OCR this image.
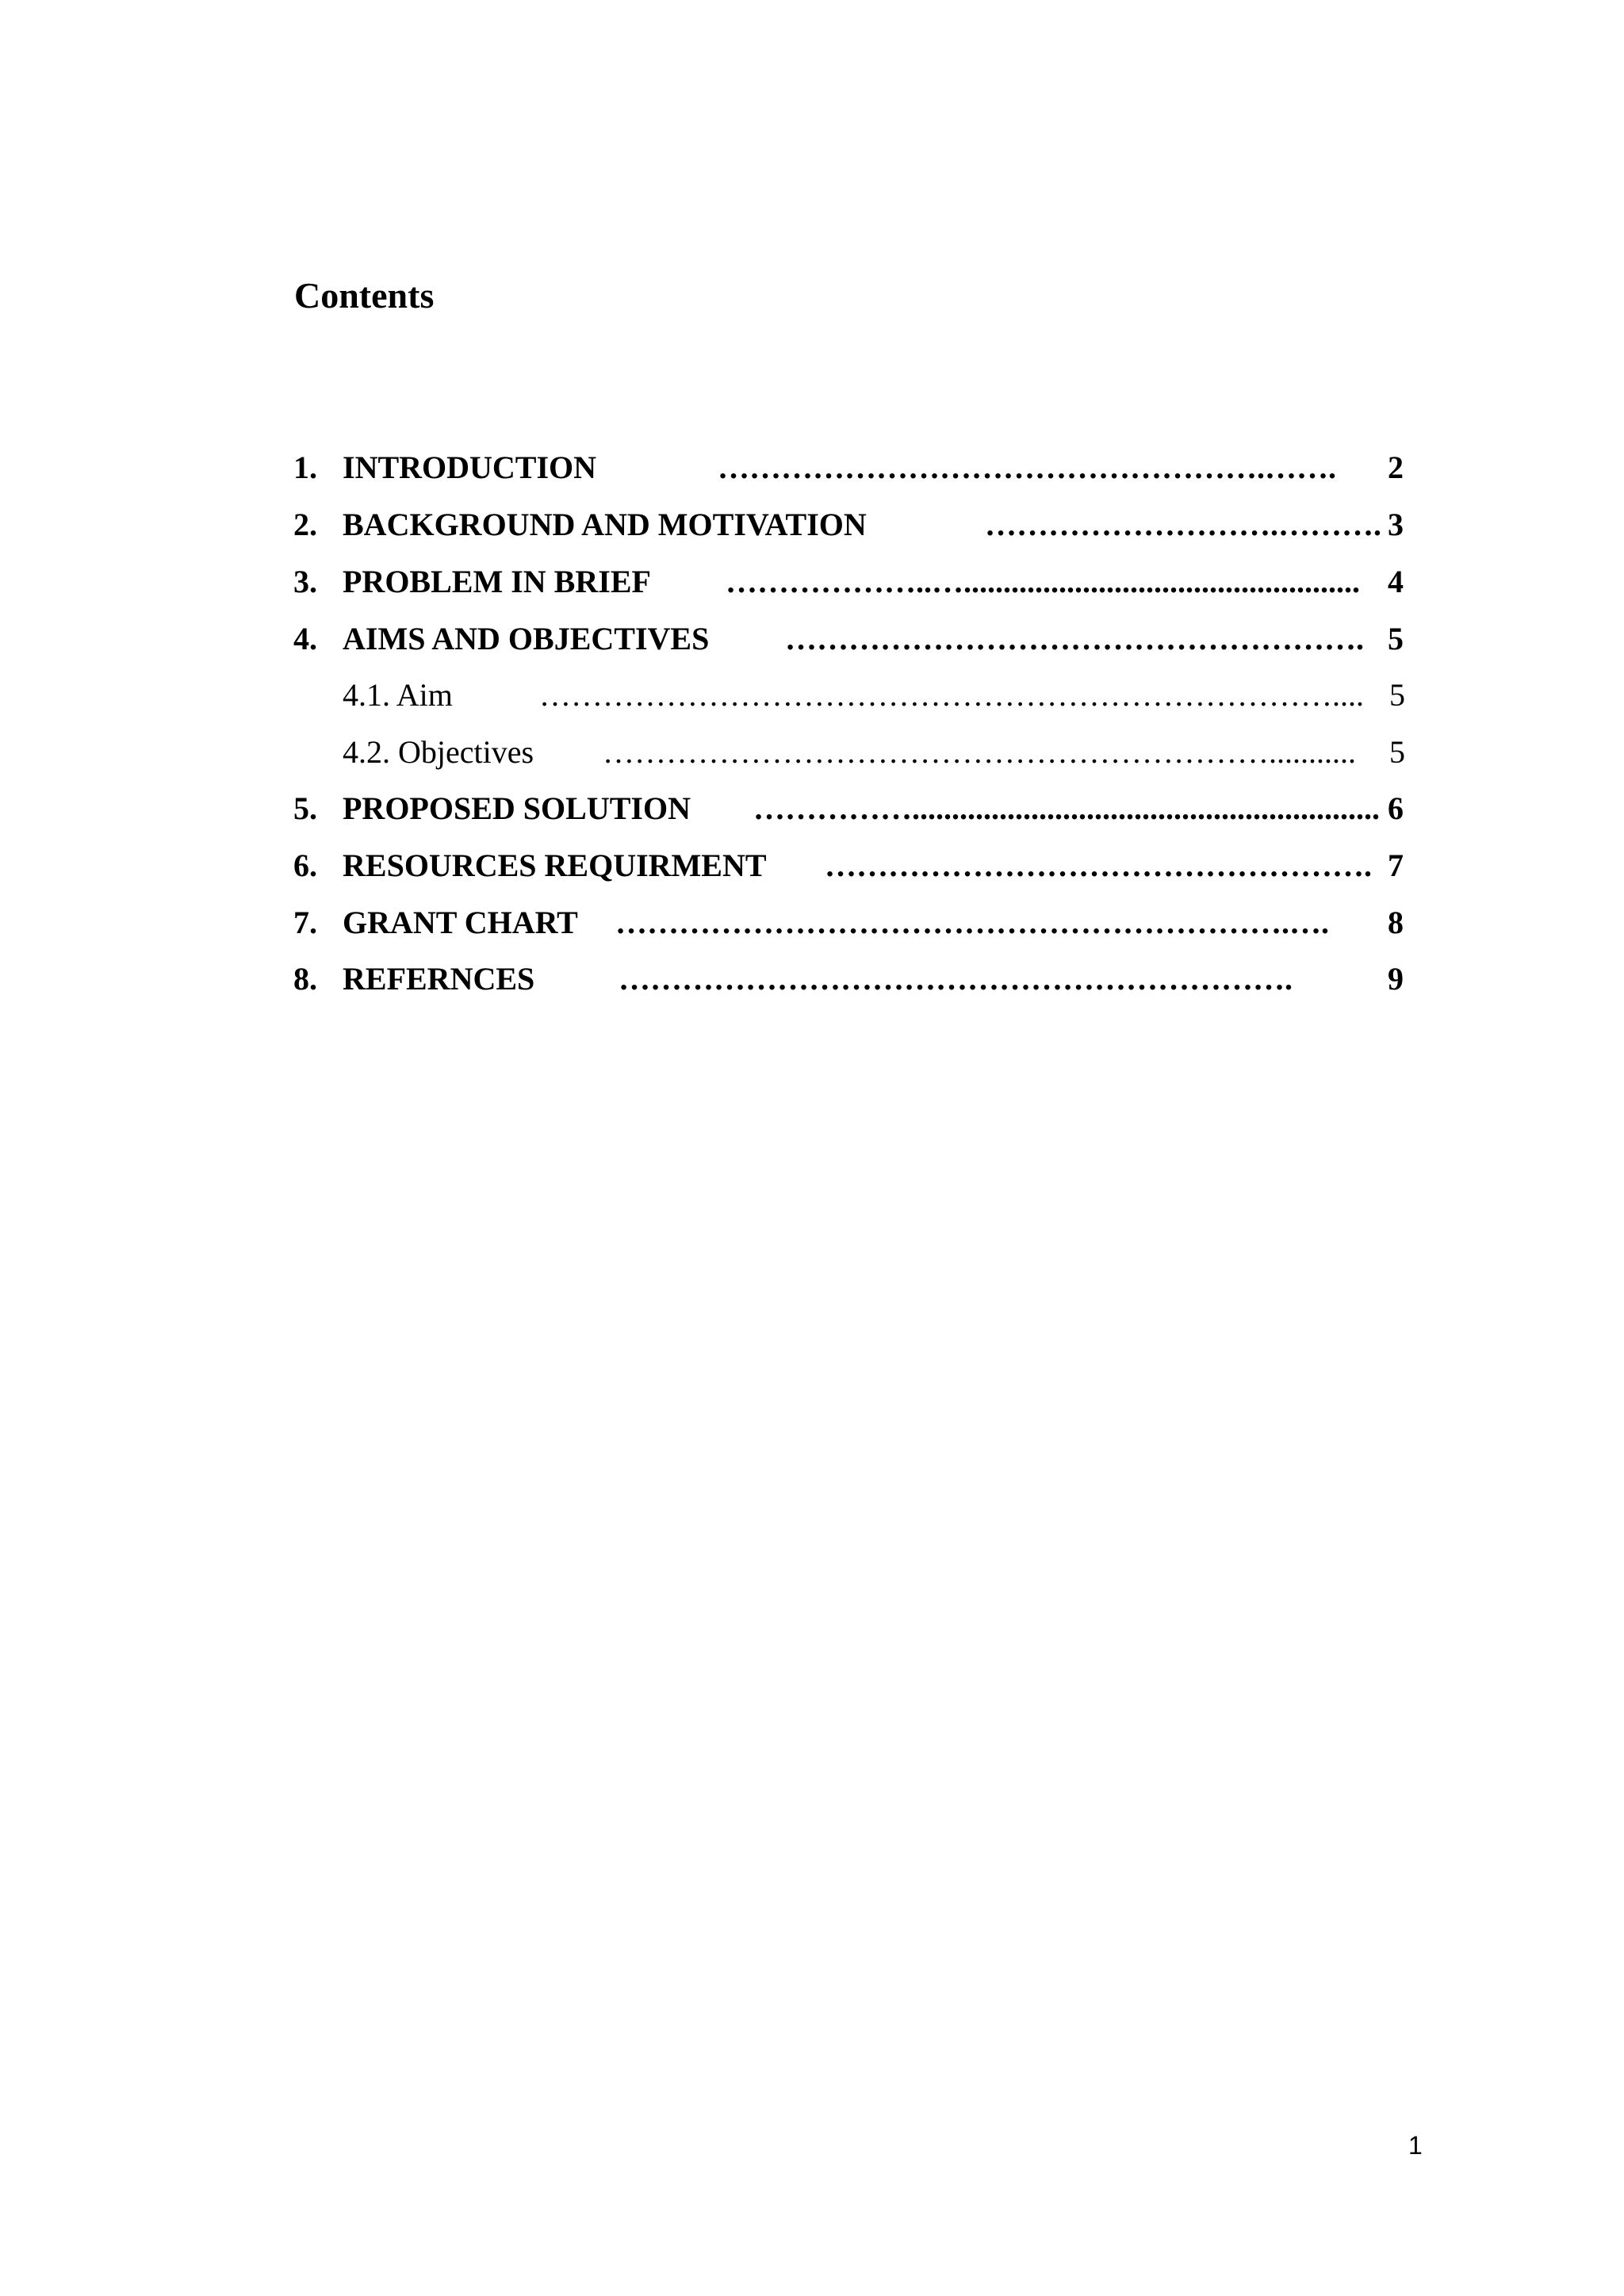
Contents
1. INTRODUCTION	…………………………………………….……. 2
2. BACKGROUND AND MOTIVATION	……………………….………. 3
3. PROBLEM IN BRIEF ………………..….................................................. 4
4. AIMS AND OBJECTIVES ………………………………………………. 5
4.1. Aim	………………………………………………………………….... 5
4.2. Objectives ………………………………………………………........... 5
5. PROPOSED SOLUTION ……………........................................................... 6
6. RESOURCES REQUIRMENT ……………………………………………. 7
7. GRANT CHART ……………………………………………………….…. 8
8. REFERNCES	……………………………………………………….	9
1
